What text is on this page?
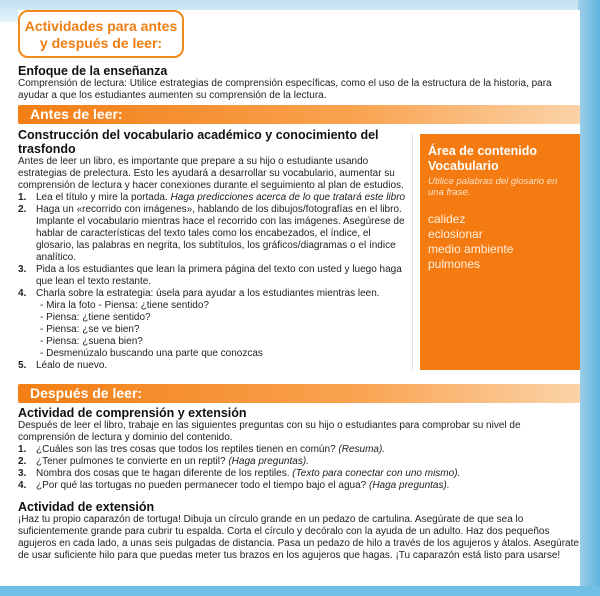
Actividades para antes y después de leer:
Enfoque de la enseñanza

Comprensión de lectura: Utilice estrategias de comprensión específicas, como el uso de la estructura de la historia, para ayudar a que los estudiantes aumenten su comprensión de la lectura.

Antes de leer:
Construcción del vocabulario académico y conocimiento del trasfondo

Antes de leer un libro, es importante que prepare a su hijo o estudiante usando estrategias de prelectura. Esto les ayudará a desarrollar su vocabulario, aumentar su comprensión de lectura y hacer conexiones durante el seguimiento al plan de estudios.

1. Lea el título y mire la portada. Haga predicciones acerca de lo que tratará este libro
2. Haga un «recorrido con imágenes», hablando de los dibujos/fotografías en el libro. Implante el vocabulario mientras hace el recorrido con las imágenes. Asegúrese de hablar de características del texto tales como los encabezados, el índice, el glosario, las palabras en negrita, los subtítulos, los gráficos/diagramas o el índice analítico.
3. Pida a los estudiantes que lean la primera página del texto con usted y luego haga que lean el texto restante.
4. Charla sobre la estrategia: úsela para ayudar a los estudiantes mientras leen.
- Mira la foto - Piensa: ¿tiene sentido?
- Piensa: ¿tiene sentido?
- Piensa: ¿se ve bien?
- Piensa: ¿suena bien?
- Desmenúzalo buscando una parte que conozcas
5. Léalo de nuevo.
Área de contenido
Vocabulario
Utilice palabras del glosario en una frase.
calidez
eclosionar
medio ambiente
pulmones
Después de leer:
Actividad de comprensión y extensión

Después de leer el libro, trabaje en las siguientes preguntas con su hijo o estudiantes para comprobar su nivel de comprensión de lectura y dominio del contenido.

1. ¿Cuáles son las tres cosas que todos los reptiles tienen en común? (Resuma).
2. ¿Tener pulmones te convierte en un reptil? (Haga preguntas).
3. Nombra dos cosas que te hagan diferente de los reptiles. (Texto para conectar con uno mismo).
4. ¿Por qué las tortugas no pueden permanecer todo el tiempo bajo el agua? (Haga preguntas).
Actividad de extensión

¡Haz tu propio caparazón de tortuga! Dibuja un círculo grande en un pedazo de cartulina. Asegúrate de que sea lo suficientemente grande para cubrir tu espalda. Corta el círculo y decóralo con la ayuda de un adulto. Haz dos pequeños agujeros en cada lado, a unas seis pulgadas de distancia. Pasa un pedazo de hilo a través de los agujeros y átalos. Asegúrate de usar suficiente hilo para que puedas meter tus brazos en los agujeros que hagas. ¡Tu caparazón está listo para usarse!
